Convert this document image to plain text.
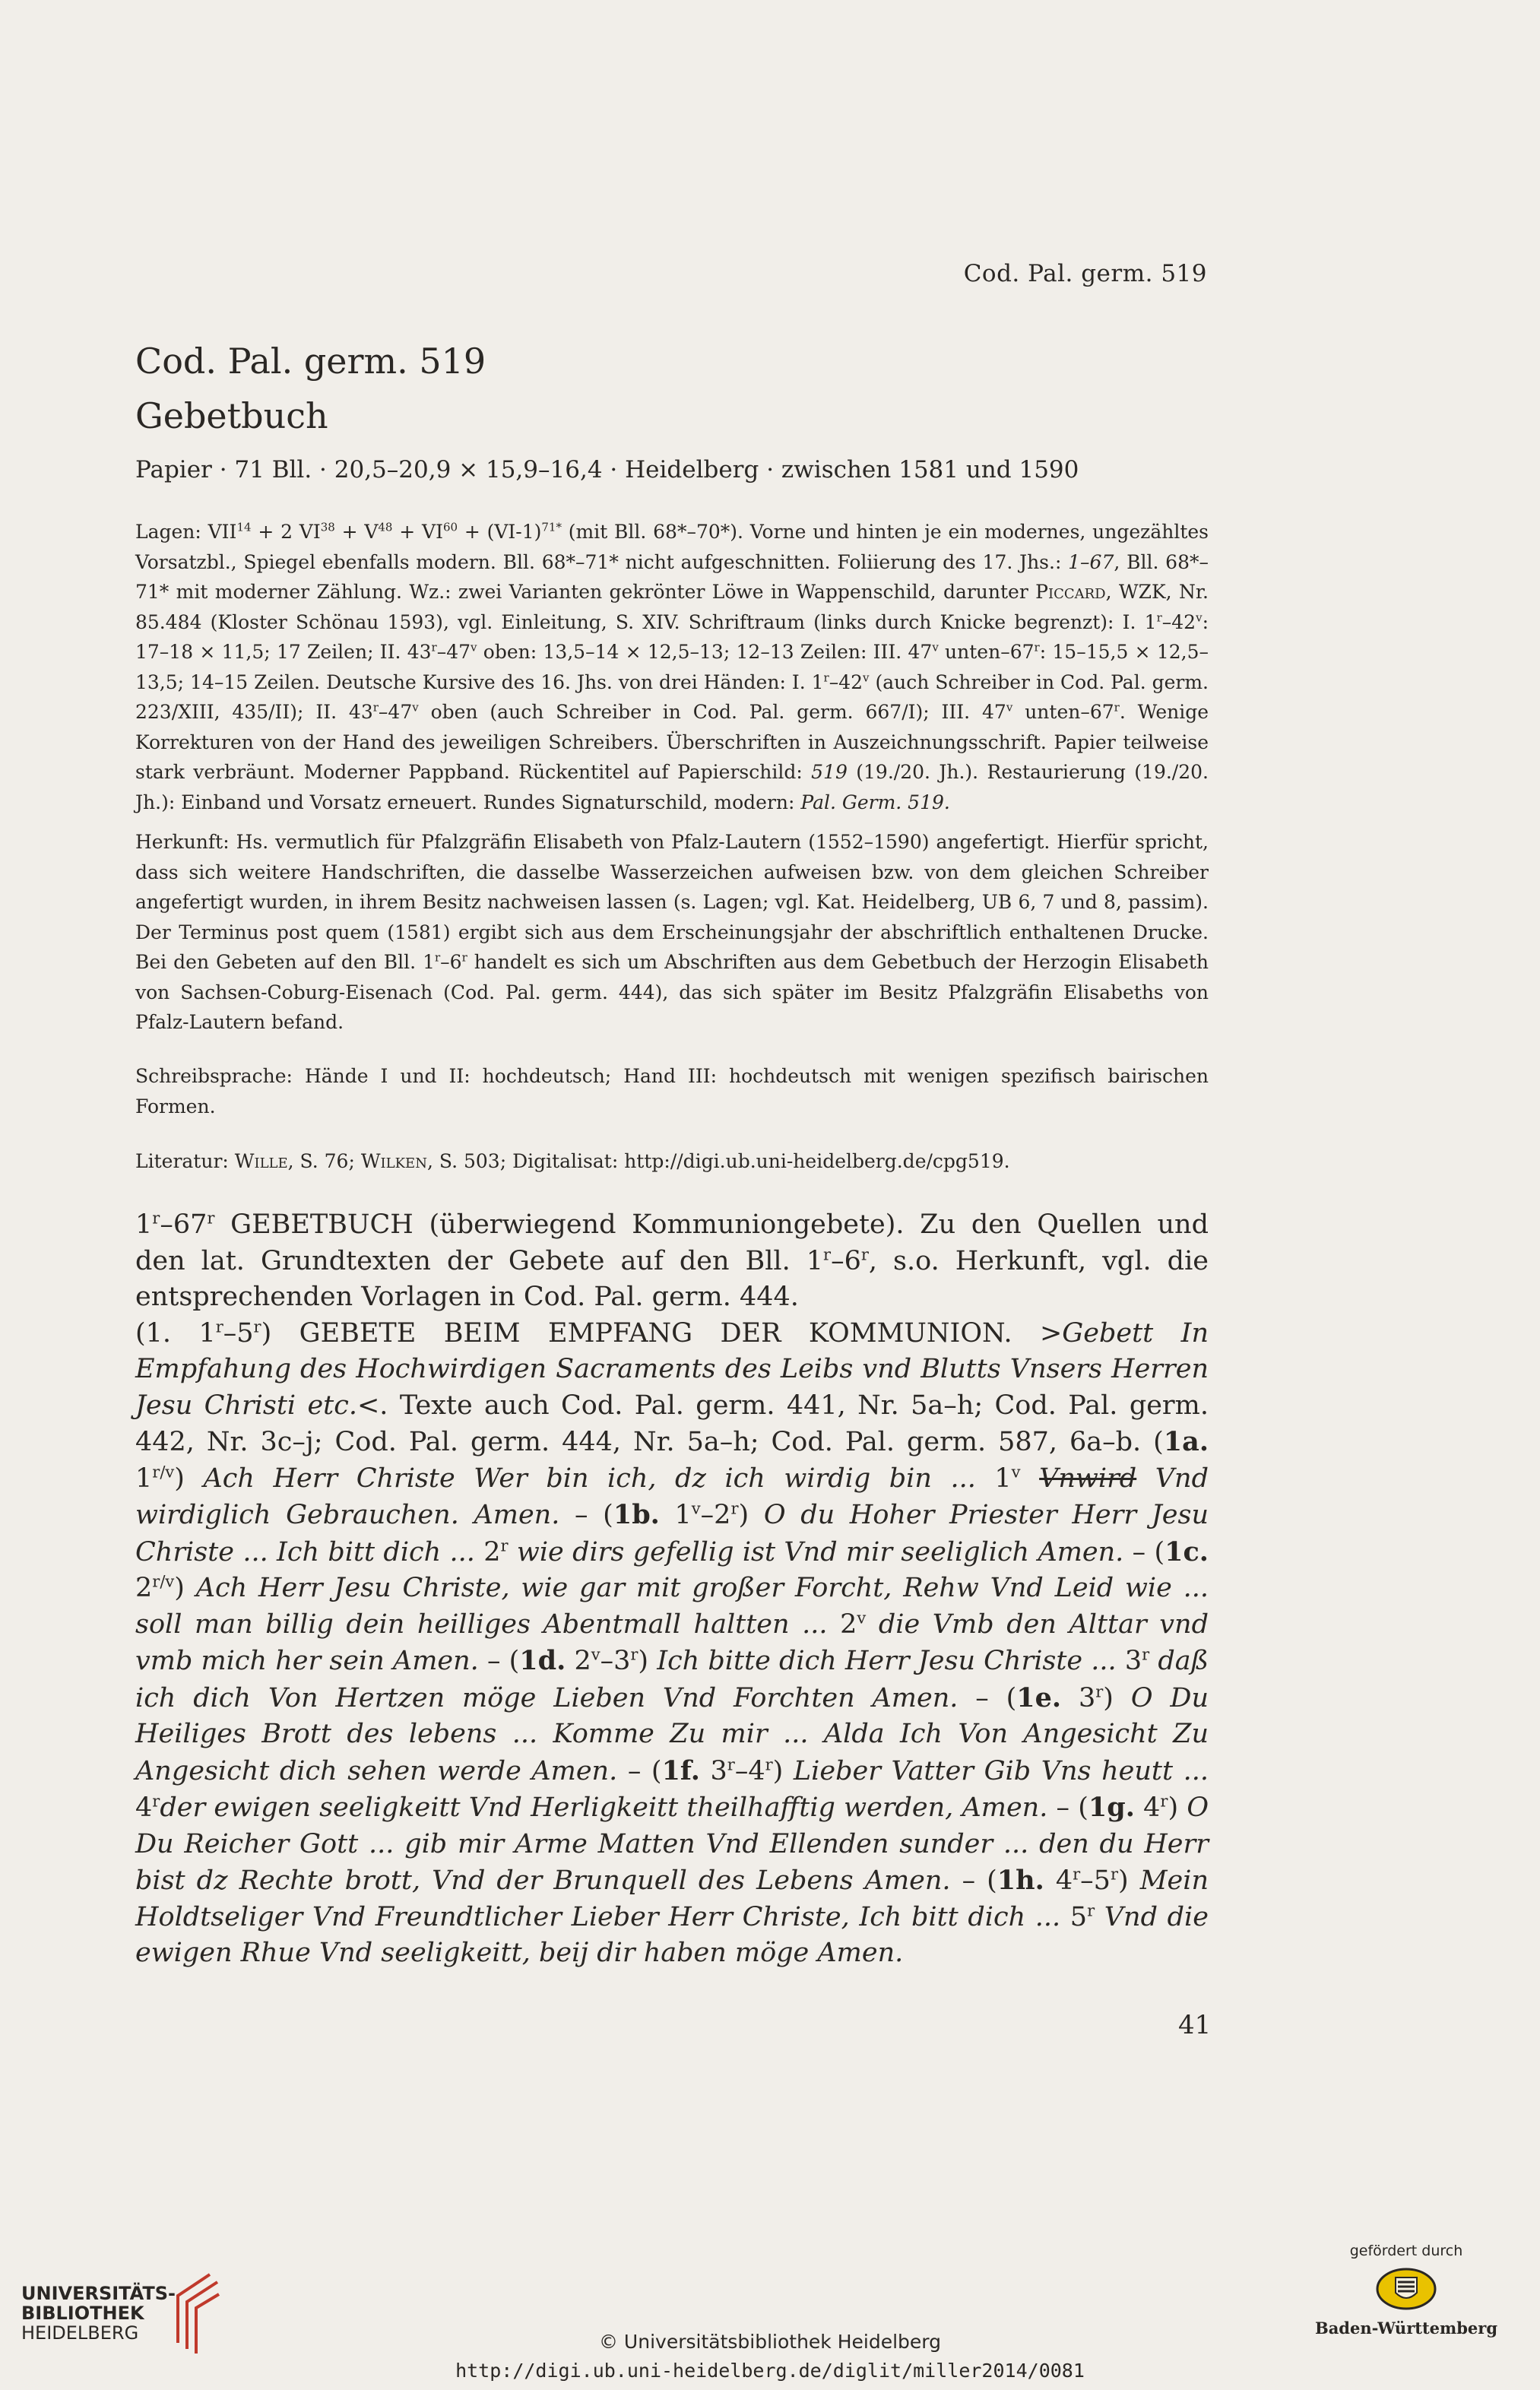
Cod. Pal. germ. 519
Cod. Pal. germ. 519
Gebetbuch
Papier · 71 Bll. · 20,5–20,9 × 15,9–16,4 · Heidelberg · zwischen 1581 und 1590

Lagen: $VII^{14} + 2$ $VI^{38} + V^{48} + VI^{60} + (VI-1)^{71*}$ (mit Bll. 68*–70*). Vorne und hinten je ein modernes, ungezähltes Vorsatzbl., Spiegel ebenfalls modern. Bll. 68*–71* nicht aufgeschnitten. Foliierung des 17. Jhs.: 1–67, Bll. 68*–71* mit moderner Zählung. Wz.: zwei Varianten gekrönter Löwe in Wappenschild, darunter Piccard, WZK, Nr. 85.484 (Kloster Schönau 1593), vgl. Einleitung, S. XIV. Schriftraum (links durch Knicke begrenzt): I. 1$^r$–42$^v$: 17–18 × 11,5; 17 Zeilen; II. 43$^r$–47$^v$ oben: 13,5–14 × 12,5–13; 12–13 Zeilen: III. 47$^v$ unten–67$^r$: 15–15,5 × 12,5–13,5; 14–15 Zeilen. Deutsche Kursive des 16. Jhs. von drei Händen: I. 1$^r$–42$^v$ (auch Schreiber in Cod. Pal. germ. 223/XIII, 435/II); II. 43$^r$–47$^v$ oben (auch Schreiber in Cod. Pal. germ. 667/I); III. 47$^v$ unten–67$^r$. Wenige Korrekturen von der Hand des jeweiligen Schreibers. Überschriften in Auszeichnungsschrift. Papier teilweise stark verbräunt. Moderner Pappband. Rückentitel auf Papierschild: 519 (19./20. Jh.). Restaurierung (19./20. Jh.): Einband und Vorsatz erneuert. Rundes Signaturschild, modern: Pal. Germ. 519.

Herkunft: Hs. vermutlich für Pfalzgräfin Elisabeth von Pfalz-Lautern (1552–1590) angefertigt. Hierfür spricht, dass sich weitere Handschriften, die dasselbe Wasserzeichen aufweisen bzw. von dem gleichen Schreiber angefertigt wurden, in ihrem Besitz nachweisen lassen (s. Lagen; vgl. Kat. Heidelberg, UB 6, 7 und 8, passim). Der Terminus post quem (1581) ergibt sich aus dem Erscheinungsjahr der abschriftlich enthaltenen Drucke. Bei den Gebeten auf den Bll. 1$^r$–6$^r$ handelt es sich um Abschriften aus dem Gebetbuch der Herzogin Elisabeth von Sachsen-Coburg-Eisenach (Cod. Pal. germ. 444), das sich später im Besitz Pfalzgräfin Elisabeths von Pfalz-Lautern befand.

Schreibsprache: Hände I und II: hochdeutsch; Hand III: hochdeutsch mit wenigen spezifisch bairischen Formen.

Literatur: Wille, S. 76; Wilken, S. 503; Digitalisat: http://digi.ub.uni-heidelberg.de/cpg519.

1$^r$–67$^r$ GEBETBUCH (überwiegend Kommuniongebete). Zu den Quellen und den lat. Grundtexten der Gebete auf den Bll. 1$^r$–6$^r$, s.o. Herkunft, vgl. die entsprechenden Vorlagen in Cod. Pal. germ. 444.

(1. 1$^r$–5$^r$) GEBETE BEIM EMPFANG DER KOMMUNION. >Gebett In Empfahung des Hochwirdigen Sacraments des Leibs vnd Blutts Vnsers Herren Jesu Christi etc.<. Texte auch Cod. Pal. germ. 441, Nr. 5a–h; Cod. Pal. germ. 442, Nr. 3c–j; Cod. Pal. germ. 444, Nr. 5a–h; Cod. Pal. germ. 587, 6a–b. (1a. $1^{r/v}$) Ach Herr Christe Wer bin ich, dz ich wirdig bin ... 1$^v$ Vnwird Vnd wirdiglich Gebrauchen. Amen. – (1b. 1$^v$–2$^r$) O du Hoher Priester Herr Jesu Christe ... Ich bitt dich ... 2$^r$ wie dirs gefellig ist Vnd mir seeliglich Amen. – (1c. $2^{r/v}$) Ach Herr Jesu Christe, wie gar mit großer Forcht, Rehw Vnd Leid wie ... soll man billig dein heilliges Abentmall haltten ... 2$^v$ die Vmb den Alttar vnd vmb mich her sein Amen. – (1d. 2$^v$–3$^r$) Ich bitte dich Herr Jesu Christe ... 3$^r$ daß ich dich Von Hertzen möge Lieben Vnd Forchten Amen. – (1e. 3$^r$) O Du Heiliges Brott des lebens ... Komme Zu mir ... Alda Ich Von Angesicht Zu Angesicht dich sehen werde Amen. – (1f. 3$^r$–4$^r$) Lieber Vatter Gib Vns heutt ... 4$^r$der ewigen seeligkeitt Vnd Herligkeitt theilhafftig werden, Amen. – (1g. 4$^r$) O Du Reicher Gott ... gib mir Arme Matten Vnd Ellenden sunder ... den du Herr bist dz Rechte brott, Vnd der Brunquell des Lebens Amen. – (1h. 4$^r$–5$^r$) Mein Holdtseliger Vnd Freundtlicher Lieber Herr Christe, Ich bitt dich ... 5$^r$ Vnd die ewigen Rhue Vnd seeligkeitt, beij dir haben möge Amen.

41
UNIVERSITÄTS-
BIBLIOTHEK
HEIDELBERG
gefördert durch
Baden-Württemberg
© Universitätsbibliothek Heidelberg
http://digi.ub.uni-heidelberg.de/diglit/miller2014/0081
